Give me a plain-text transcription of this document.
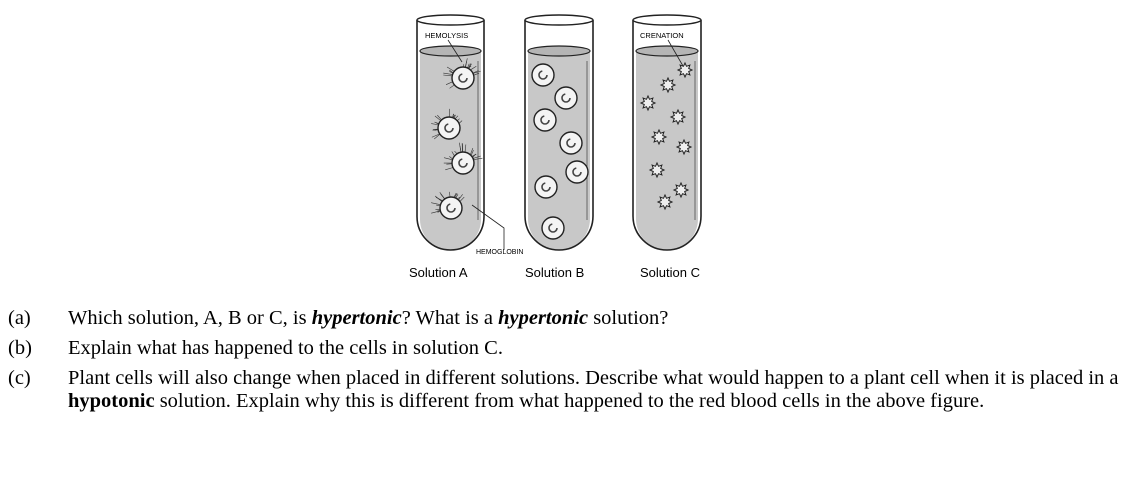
HEMOLYSIS	CRENATION
HEMOGLOBIN
Solution A	Solution B	Solution C
(a) Which solution, A, B or C, is hypertonic? What is a hypertonic solution?
(b) Explain what has happened to the cells in solution C.
(c) Plant cells will also change when placed in different solutions. Describe what would happen to a plant cell when it is placed in a hypotonic solution. Explain why this is different from what happened to the red blood cells in the above figure.
